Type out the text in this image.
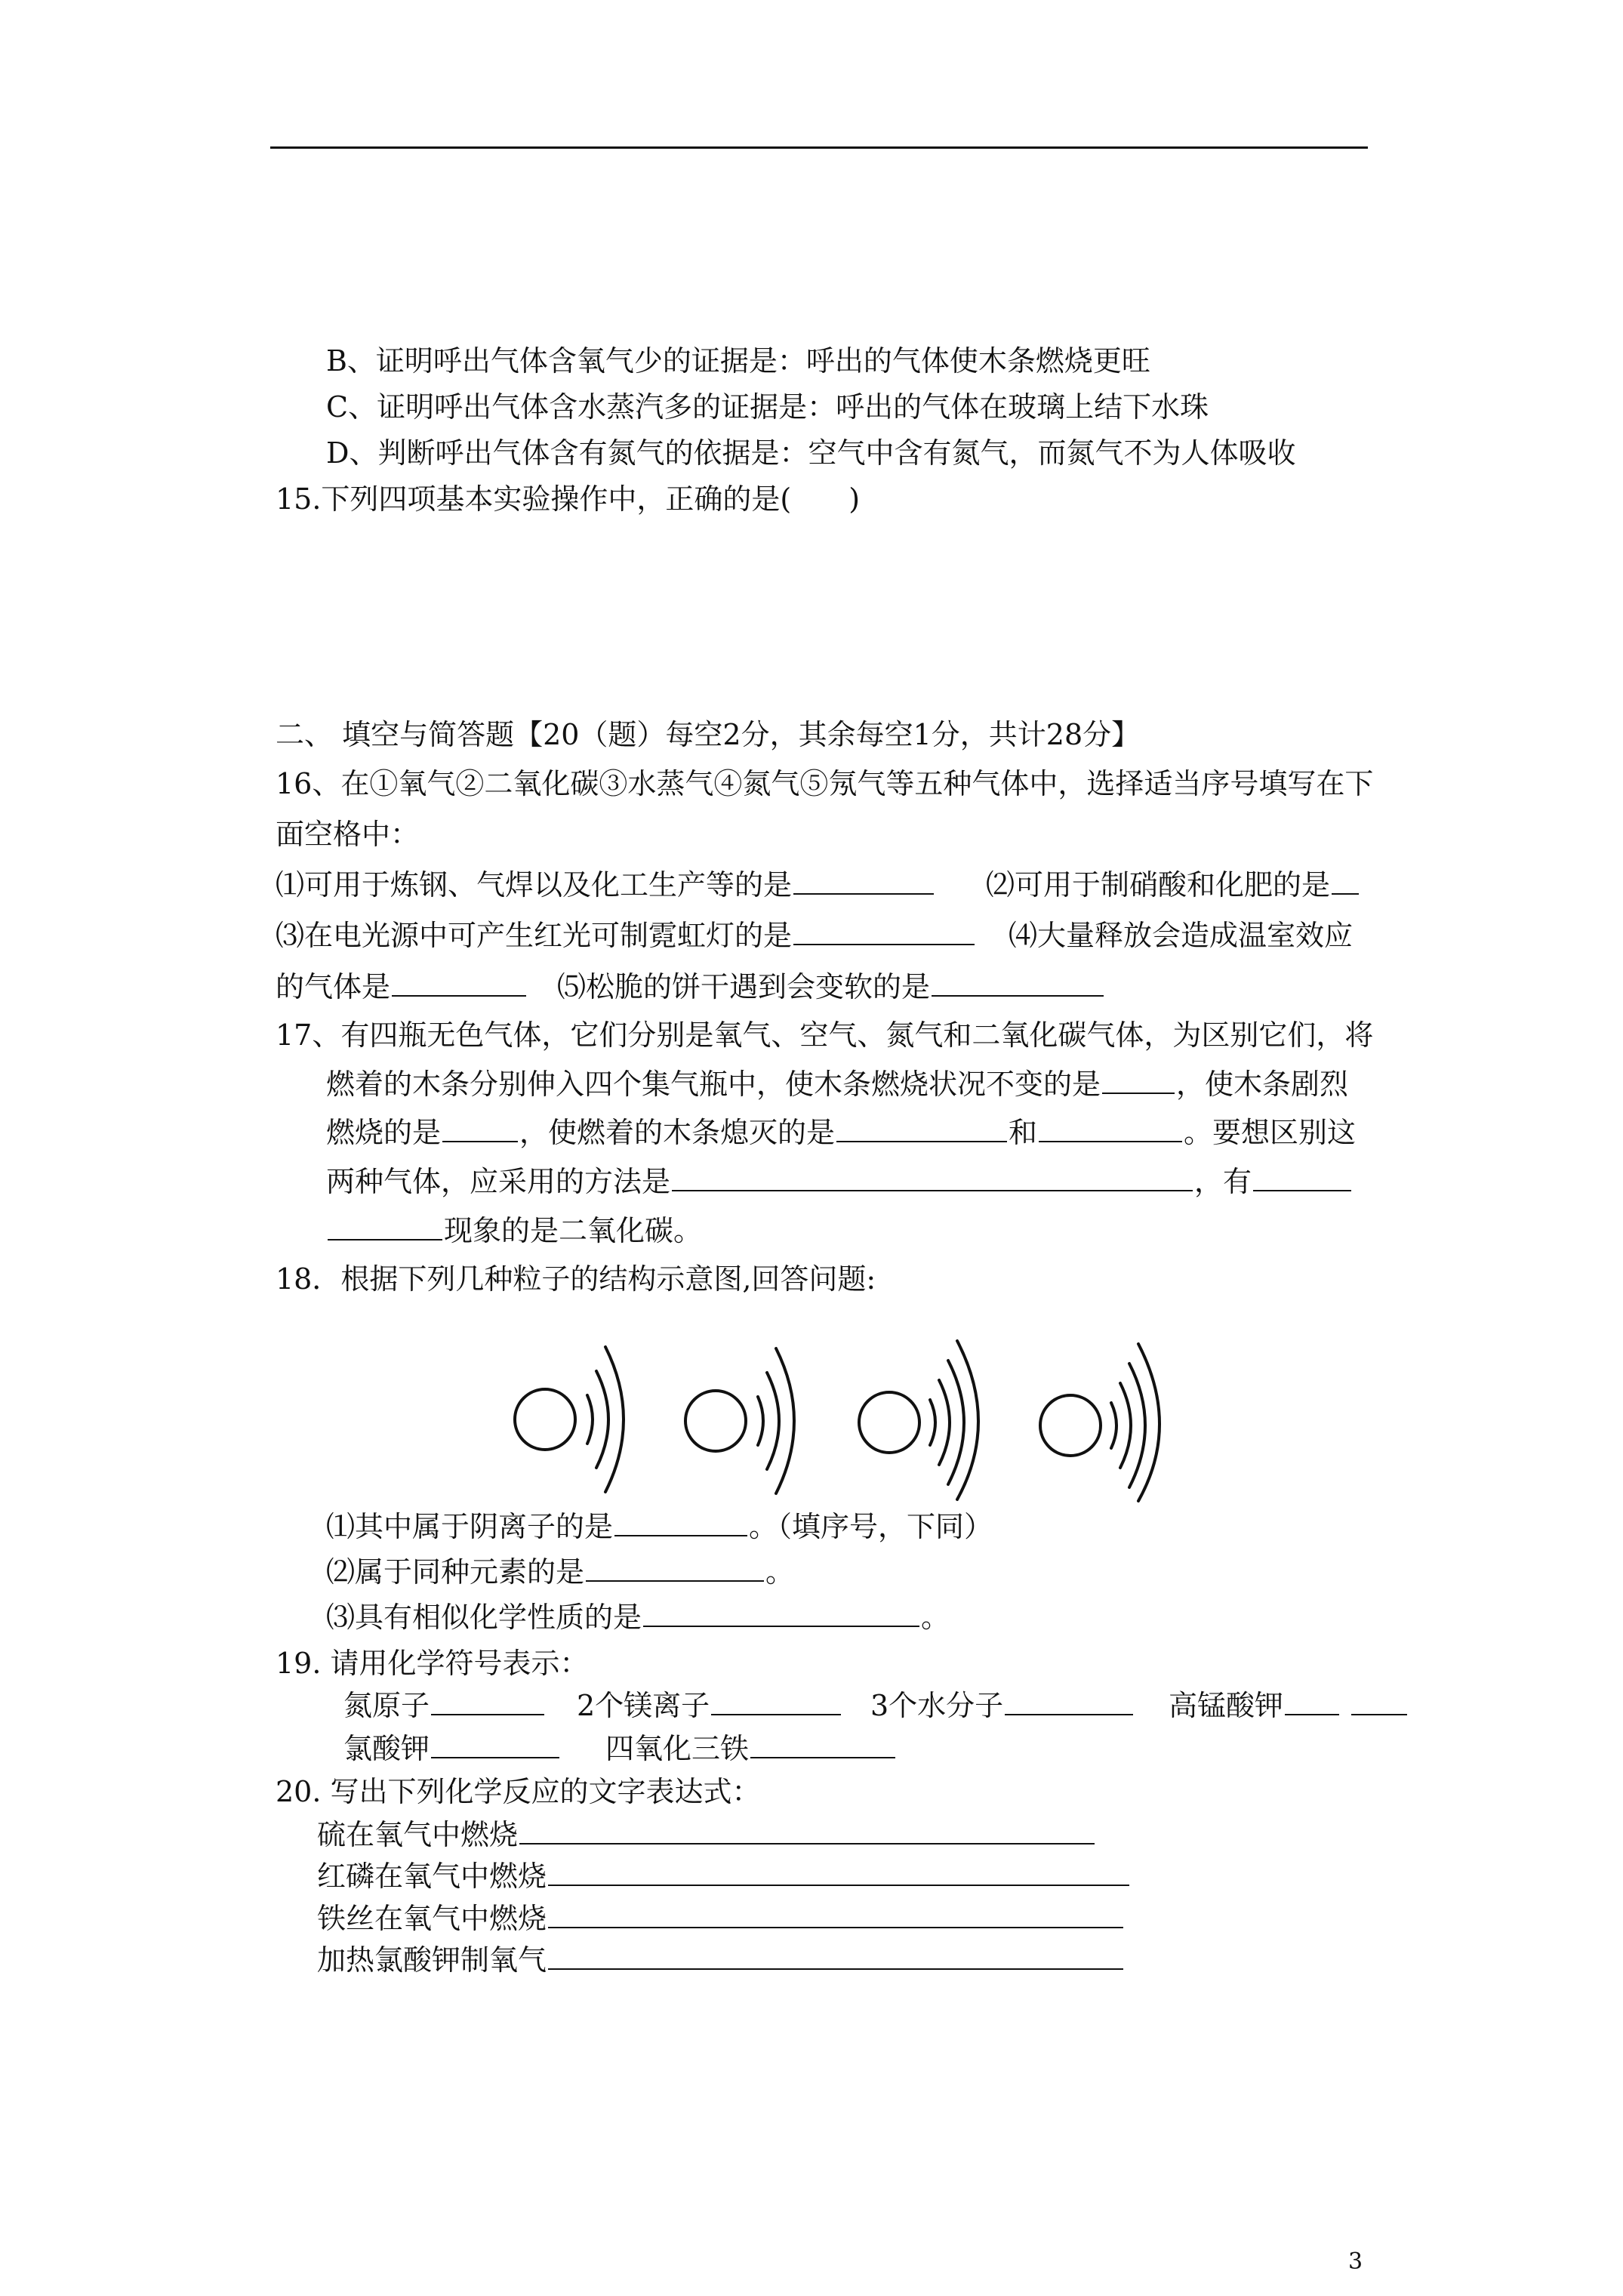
B、证明呼出气体含氧气少的证据是：呼出的气体使木条燃烧更旺
C、证明呼出气体含水蒸汽多的证据是：呼出的气体在玻璃上结下水珠
D、判断呼出气体含有氮气的依据是：空气中含有氮气，而氮气不为人体吸收
15.下列四项基本实验操作中，正确的是(　　)
二、 填空与简答题【20（题）每空2分，其余每空1分，共计28分】
16、在①氧气②二氧化碳③水蒸气④氮气⑤氖气等五种气体中，选择适当序号填写在下
面空格中：
⑴可用于炼钢、气焊以及化工生产等的是	⑵可用于制硝酸和化肥的是
⑶在电光源中可产生红光可制霓虹灯的是	⑷大量释放会造成温室效应
的气体是	⑸松脆的饼干遇到会变软的是
17、有四瓶无色气体，它们分别是氧气、空气、氮气和二氧化碳气体，为区别它们，将
燃着的木条分别伸入四个集气瓶中，使木条燃烧状况不变的是	，使木条剧烈
燃烧的是	，使燃着的木条熄灭的是	和	。要想区别这
两种气体，应采用的方法是	，有
现象的是二氧化碳。
18．根据下列几种粒子的结构示意图,回答问题:
⑴其中属于阴离子的是	。（填序号，下同）
⑵属于同种元素的是	。
⑶具有相似化学性质的是	。
19. 请用化学符号表示：
氮原子	2个镁离子	3个水分子	高锰酸钾
氯酸钾	四氧化三铁
20. 写出下列化学反应的文字表达式：
硫在氧气中燃烧
红磷在氧气中燃烧
铁丝在氧气中燃烧
加热氯酸钾制氧气
3
